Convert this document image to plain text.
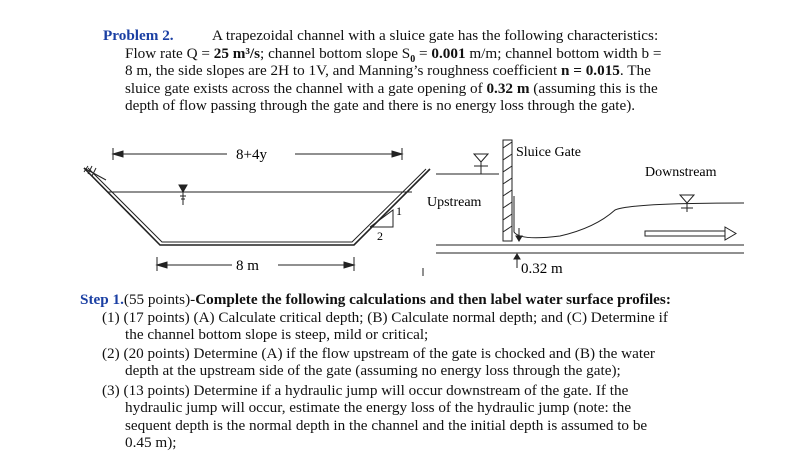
Problem 2.	A trapezoidal channel with a sluice gate has the following characteristics:
Flow rate Q = 25 m³/s; channel bottom slope $S_0 = 0.001$ m/m; channel bottom width b =
8 m, the side slopes are 2H to 1V, and Manning’s roughness coefficient n = 0.015. The
sluice gate exists across the channel with a gate opening of 0.32 m (assuming this is the
depth of flow passing through the gate and there is no energy loss through the gate).
8+4y
8 m
1
2
Sluice Gate
Upstream
Downstream
0.32 m
Step 1.(55 points)-Complete the following calculations and then label water surface profiles:
(1) (17 points) (A) Calculate critical depth; (B) Calculate normal depth; and (C) Determine if
the channel bottom slope is steep, mild or critical;
(2) (20 points) Determine (A) if the flow upstream of the gate is chocked and (B) the water
depth at the upstream side of the gate (assuming no energy loss through the gate);
(3) (13 points) Determine if a hydraulic jump will occur downstream of the gate. If the
hydraulic jump will occur, estimate the energy loss of the hydraulic jump (note: the
sequent depth is the normal depth in the channel and the initial depth is assumed to be
0.45 m);
